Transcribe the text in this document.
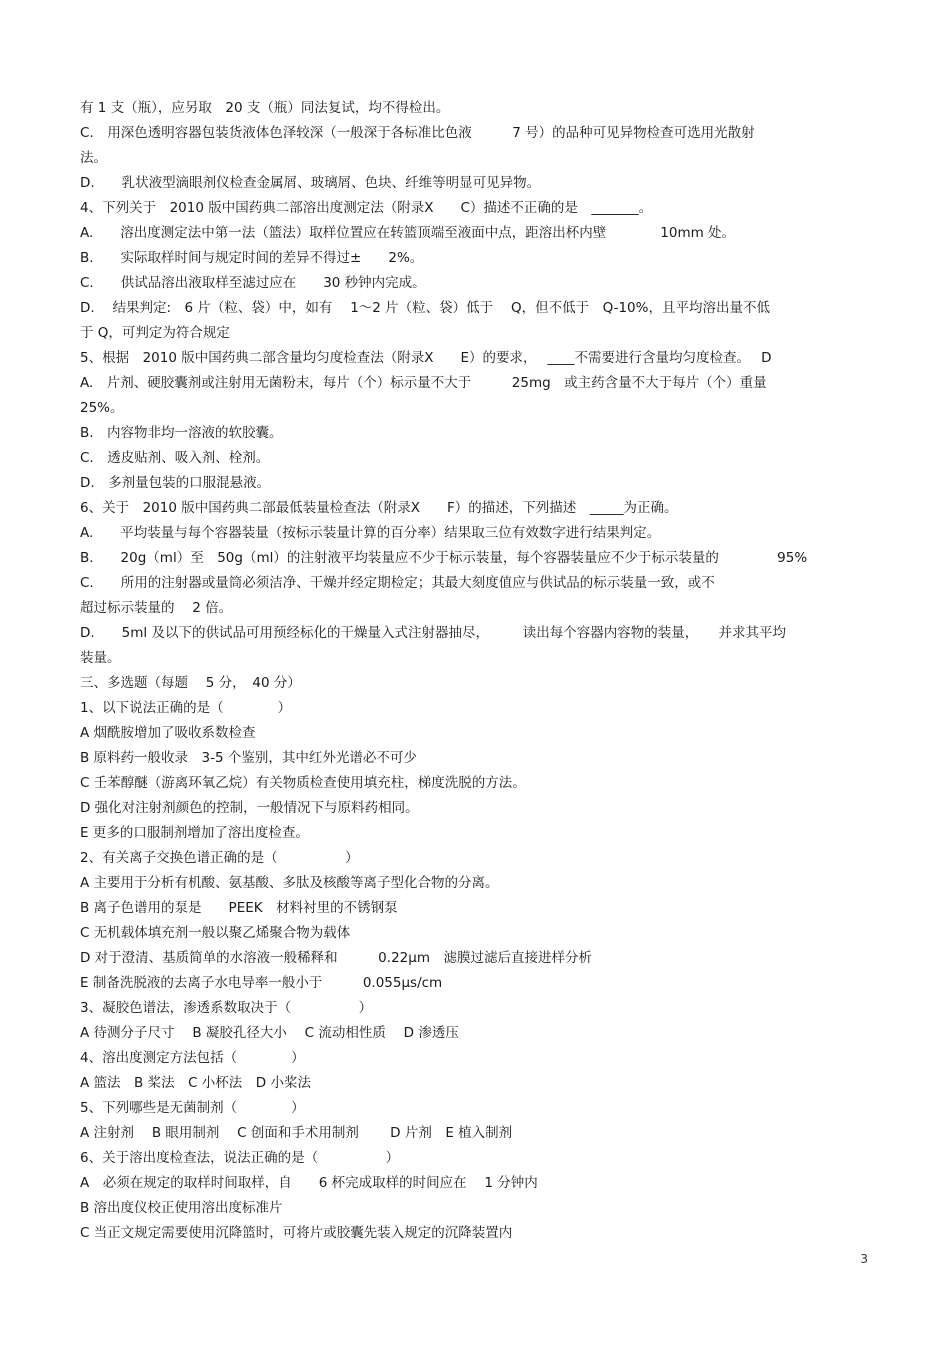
有 1 支（瓶），应另取　20 支（瓶）同法复试，均不得检出。
C.　用深色透明容器包装货液体色泽较深（一般深于各标准比色液　　　7 号）的品种可见异物检查可选用光散射
法。
D.　　乳状液型滴眼剂仪检查金属屑、玻璃屑、色块、纤维等明显可见异物。
4、下列关于　2010 版中国药典二部溶出度测定法（附录Ⅹ　　C）描述不正确的是　_______。
A.　　溶出度测定法中第一法（篮法）取样位置应在转篮顶端至液面中点，距溶出杯内壁　　　　10mm 处。
B.　　实际取样时间与规定时间的差异不得过±　　2%。
C.　　供试品溶出液取样至滤过应在　　30 秒钟内完成。
D.　 结果判定:　6 片（粒、袋）中，如有　 1～2 片（粒、袋）低于　 Q，但不低于　Q-10%，且平均溶出量不低
于 Q，可判定为符合规定
5、根据　2010 版中国药典二部含量均匀度检查法（附录Ⅹ　　E）的要求，　 ____不需要进行含量均匀度检查。　 D
A.　片剂、硬胶囊剂或注射用无菌粉末，每片（个）标示量不大于　　　25mg　或主药含量不大于每片（个）重量
25%。
B.　内容物非均一溶液的软胶囊。
C.　透皮贴剂、吸入剂、栓剂。
D.　多剂量包装的口服混悬液。
6、关于　2010 版中国药典二部最低装量检查法（附录Ⅹ　　F）的描述，下列描述　_____为正确。
A.　　平均装量与每个容器装量（按标示装量计算的百分率）结果取三位有效数字进行结果判定。
B.　　20g（ml）至　50g（ml）的注射液平均装量应不少于标示装量，每个容器装量应不少于标示装量的　　　　 95%
C.　　所用的注射器或量筒必须洁净、干燥并经定期检定；其最大刻度值应与供试品的标示装量一致，或不
超过标示装量的　 2 倍。
D.　　5ml 及以下的供试品可用预经标化的干燥量入式注射器抽尽，　　　读出每个容器内容物的装量，　　并求其平均
装量。
三、多选题（每题　 5 分，　40 分）
1、以下说法正确的是（　　　　）
A 烟酰胺增加了吸收系数检查
B 原料药一般收录　3-5 个鉴别，其中红外光谱必不可少
C 壬苯醇醚（游离环氧乙烷）有关物质检查使用填充柱，梯度洗脱的方法。
D 强化对注射剂颜色的控制，一般情况下与原料药相同。
E 更多的口服制剂增加了溶出度检查。
2、有关离子交换色谱正确的是（　　　　　）
A 主要用于分析有机酸、氨基酸、多肽及核酸等离子型化合物的分离。
B 离子色谱用的泵是　　PEEK　材料衬里的不锈钢泵
C 无机载体填充剂一般以聚乙烯聚合物为载体
D 对于澄清、基质简单的水溶液一般稀释和　　　0.22μm　滤膜过滤后直接进样分析
E 制备洗脱液的去离子水电导率一般小于　　　0.055μs/cm
3、凝胶色谱法，渗透系数取决于（　　　　　）
A 待测分子尺寸　 B 凝胶孔径大小　 C 流动相性质　 D 渗透压
4、溶出度测定方法包括（　　　　）
A 篮法　B 桨法　C 小杯法　D 小桨法
5、下列哪些是无菌制剂（　　　　）
A 注射剂　 B 眼用制剂　 C 创面和手术用制剂　　 D 片剂　E 植入制剂
6、关于溶出度检查法，说法正确的是（　　　　　）
A　必须在规定的取样时间取样，自　　6 杯完成取样的时间应在　 1 分钟内
B 溶出度仪校正使用溶出度标准片
C 当正文规定需要使用沉降篮时，可将片或胶囊先装入规定的沉降装置内
3
